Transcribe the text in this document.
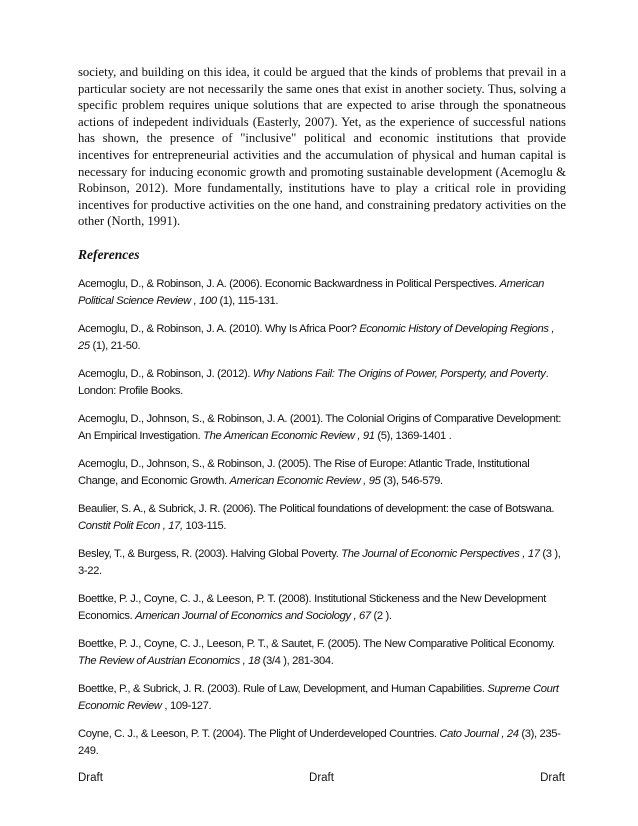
society, and building on this idea, it could be argued that the kinds of problems that prevail in a particular society are not necessarily the same ones that exist in another society. Thus, solving a specific problem requires unique solutions that are expected to arise through the sponatneous actions of indepedent individuals (Easterly, 2007). Yet, as the experience of successful nations has shown, the presence of "inclusive" political and economic institutions that provide incentives for entrepreneurial activities and the accumulation of physical and human capital is necessary for inducing economic growth and promoting sustainable development (Acemoglu & Robinson, 2012). More fundamentally, institutions have to play a critical role in providing incentives for productive activities on the one hand, and constraining predatory activities on the other (North, 1991).

References
Acemoglu, D., & Robinson, J. A. (2006). Economic Backwardness in Political Perspectives. American Political Science Review , 100 (1), 115-131.
Acemoglu, D., & Robinson, J. A. (2010). Why Is Africa Poor? Economic History of Developing Regions , 25 (1), 21-50.
Acemoglu, D., & Robinson, J. (2012). Why Nations Fail: The Origins of Power, Porsperty, and Poverty. London: Profile Books.
Acemoglu, D., Johnson, S., & Robinson, J. A. (2001). The Colonial Origins of Comparative Development: An Empirical Investigation. The American Economic Review , 91 (5), 1369-1401 .
Acemoglu, D., Johnson, S., & Robinson, J. (2005). The Rise of Europe: Atlantic Trade, Institutional Change, and Economic Growth. American Economic Review , 95 (3), 546-579.
Beaulier, S. A., & Subrick, J. R. (2006). The Political foundations of development: the case of Botswana. Constit Polit Econ , 17, 103-115.
Besley, T., & Burgess, R. (2003). Halving Global Poverty. The Journal of Economic Perspectives , 17 (3 ), 3-22.
Boettke, P. J., Coyne, C. J., & Leeson, P. T. (2008). Institutional Stickeness and the New Development Economics. American Journal of Economics and Sociology , 67 (2 ).
Boettke, P. J., Coyne, C. J., Leeson, P. T., & Sautet, F. (2005). The New Comparative Political Economy. The Review of Austrian Economics , 18 (3/4 ), 281-304.
Boettke, P., & Subrick, J. R. (2003). Rule of Law, Development, and Human Capabilities. Supreme Court Economic Review , 109-127.
Coyne, C. J., & Leeson, P. T. (2004). The Plight of Underdeveloped Countries. Cato Journal , 24 (3), 235-249.
Draft	Draft	Draft
